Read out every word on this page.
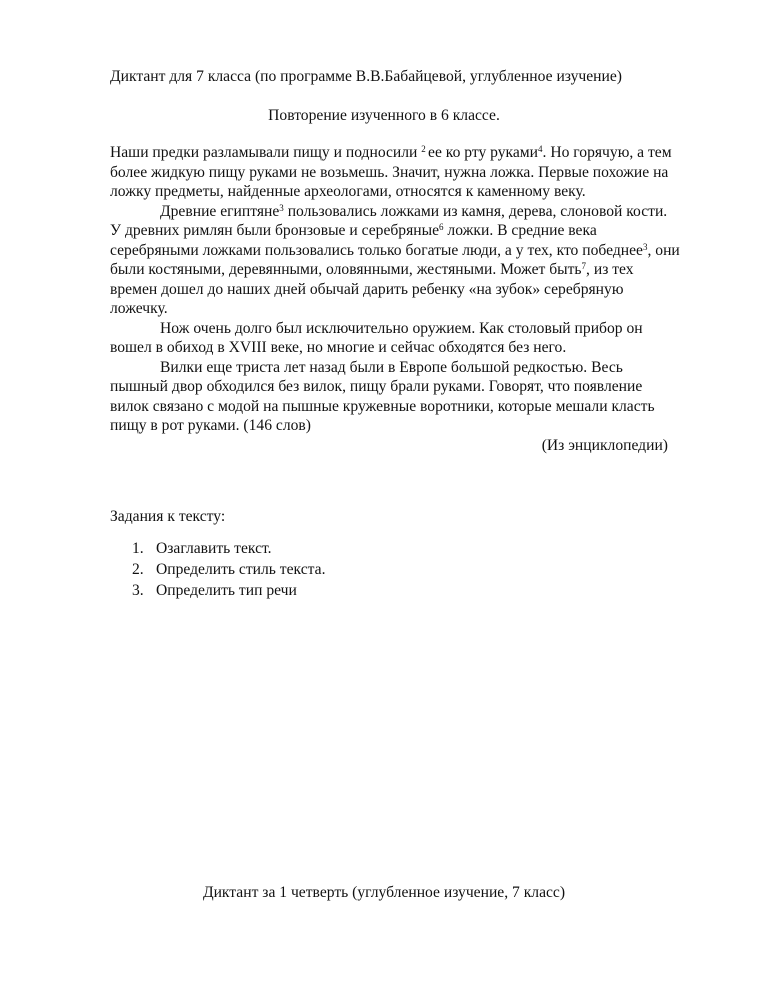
Диктант для 7 класса (по программе В.В.Бабайцевой, углубленное изучение)
Повторение изученного в 6 классе.

Наши предки разламывали пищу и подносили $^2$ ее ко рту руками$^4$. Но горячую, а тем более жидкую пищу руками не возьмешь. Значит, нужна ложка. Первые похожие на ложку предметы, найденные археологами, относятся к каменному веку.

Древние египтяне$^3$ пользовались ложками из камня, дерева, слоновой кости. У древних римлян были бронзовые и серебряные$^6$ ложки. В средние века серебряными ложками пользовались только богатые люди, а у тех, кто победнее$^3$, они были костяными, деревянными, оловянными, жестяными. Может быть$^7$, из тех времен дошел до наших дней обычай дарить ребенку «на зубок» серебряную ложечку.

Нож очень долго был исключительно оружием. Как столовый прибор он вошел в обиход в XVIII веке, но многие и сейчас обходятся без него.

Вилки еще триста лет назад были в Европе большой редкостью. Весь пышный двор обходился без вилок, пищу брали руками. Говорят, что появление вилок связано с модой на пышные кружевные воротники, которые мешали класть пищу в рот руками. (146 слов)

(Из энциклопедии)

Задания к тексту:
1. Озаглавить текст.
2. Определить стиль текста.
3. Определить тип речи
Диктант за 1 четверть (углубленное изучение, 7 класс)
